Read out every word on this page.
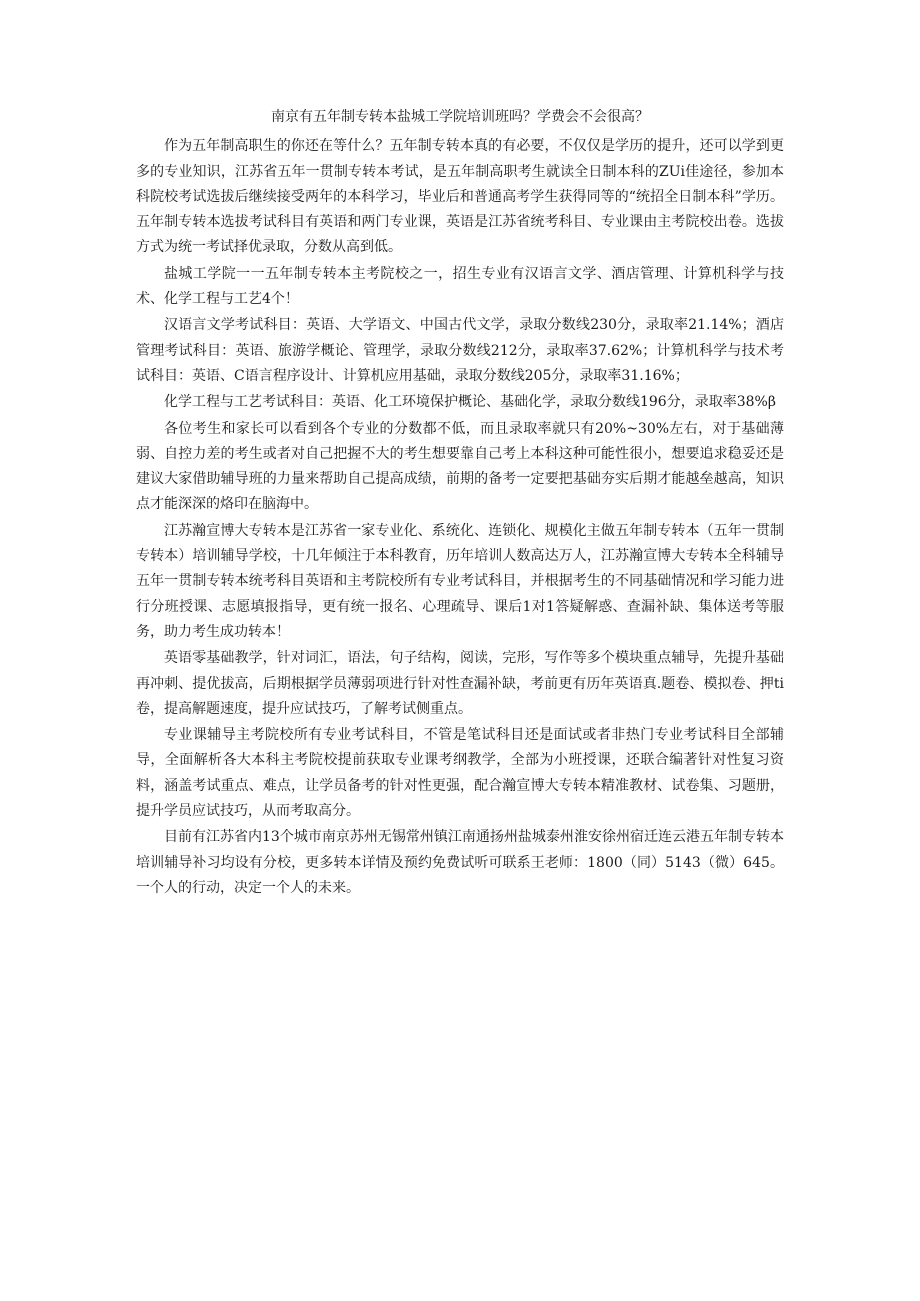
南京有五年制专转本盐城工学院培训班吗？学费会不会很高？

作为五年制高职生的你还在等什么？五年制专转本真的有必要，不仅仅是学历的提升，还可以学到更多的专业知识，江苏省五年一贯制专转本考试，是五年制高职考生就读全日制本科的ZUi佳途径，参加本科院校考试选拔后继续接受两年的本科学习，毕业后和普通高考学生获得同等的“统招全日制本科”学历。五年制专转本选拔考试科目有英语和两门专业课，英语是江苏省统考科目、专业课由主考院校出卷。选拔方式为统一考试择优录取，分数从高到低。

盐城工学院一一五年制专转本主考院校之一，招生专业有汉语言文学、酒店管理、计算机科学与技术、化学工程与工艺4个！

汉语言文学考试科目：英语、大学语文、中国古代文学，录取分数线230分，录取率21.14%；酒店管理考试科目：英语、旅游学概论、管理学，录取分数线212分，录取率37.62%；计算机科学与技术考试科目：英语、C语言程序设计、计算机应用基础，录取分数线205分，录取率31.16%；

化学工程与工艺考试科目：英语、化工环境保护概论、基础化学，录取分数线196分，录取率38%β

各位考生和家长可以看到各个专业的分数都不低，而且录取率就只有20%~30%左右，对于基础薄弱、自控力差的考生或者对自己把握不大的考生想要靠自己考上本科这种可能性很小，想要追求稳妥还是建议大家借助辅导班的力量来帮助自己提高成绩，前期的备考一定要把基础夯实后期才能越垒越高，知识点才能深深的烙印在脑海中。

江苏瀚宣博大专转本是江苏省一家专业化、系统化、连锁化、规模化主做五年制专转本（五年一贯制专转本）培训辅导学校，十几年倾注于本科教育，历年培训人数高达万人，江苏瀚宣博大专转本全科辅导五年一贯制专转本统考科目英语和主考院校所有专业考试科目，并根据考生的不同基础情况和学习能力进行分班授课、志愿填报指导，更有统一报名、心理疏导、课后1对1答疑解惑、查漏补缺、集体送考等服务，助力考生成功转本！

英语零基础教学，针对词汇，语法，句子结构，阅读，完形，写作等多个模块重点辅导，先提升基础再冲刺、提优拔高，后期根据学员薄弱项进行针对性查漏补缺，考前更有历年英语真.题卷、模拟卷、押ti卷，提高解题速度，提升应试技巧，了解考试侧重点。

专业课辅导主考院校所有专业考试科目，不管是笔试科目还是面试或者非热门专业考试科目全部辅导，全面解析各大本科主考院校提前获取专业课考纲教学，全部为小班授课，还联合编著针对性复习资料，涵盖考试重点、难点，让学员备考的针对性更强，配合瀚宣博大专转本精准教材、试卷集、习题册，提升学员应试技巧，从而考取高分。

目前有江苏省内13个城市南京苏州无锡常州镇江南通扬州盐城泰州淮安徐州宿迁连云港五年制专转本培训辅导补习均设有分校，更多转本详情及预约免费试听可联系王老师：1800（同）5143（微）645。一个人的行动，决定一个人的未来。
